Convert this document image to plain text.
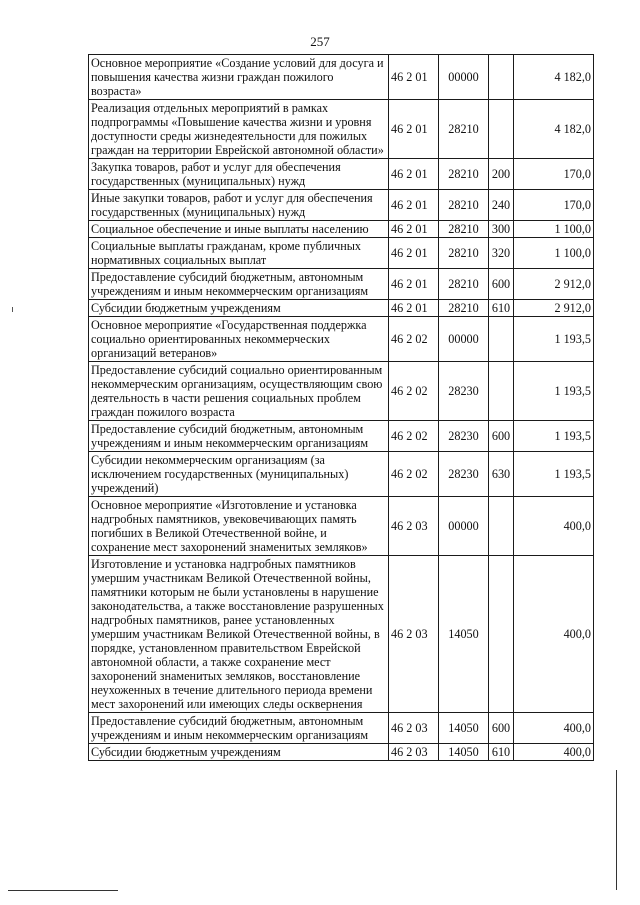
257
Основное мероприятие «Создание условий для досуга и повышения качества жизни граждан пожилого возраста»	46 2 01	00000		4 182,0
Реализация отдельных мероприятий в рамках подпрограммы «Повышение качества жизни и уровня доступности среды жизнедеятельности для пожилых граждан на территории Еврейской автономной области»	46 2 01	28210		4 182,0
Закупка товаров, работ и услуг для обеспечения государственных (муниципальных) нужд	46 2 01	28210	200	170,0
Иные закупки товаров, работ и услуг для обеспечения государственных (муниципальных) нужд	46 2 01	28210	240	170,0
Социальное обеспечение и иные выплаты населению	46 2 01	28210	300	1 100,0
Социальные выплаты гражданам, кроме публичных нормативных социальных выплат	46 2 01	28210	320	1 100,0
Предоставление субсидий бюджетным, автономным учреждениям и иным некоммерческим организациям	46 2 01	28210	600	2 912,0
Субсидии бюджетным учреждениям	46 2 01	28210	610	2 912,0
Основное мероприятие «Государственная поддержка социально ориентированных некоммерческих организаций ветеранов»	46 2 02	00000		1 193,5
Предоставление субсидий социально ориентированным некоммерческим организациям, осуществляющим свою деятельность в части решения социальных проблем граждан пожилого возраста	46 2 02	28230		1 193,5
Предоставление субсидий бюджетным, автономным учреждениям и иным некоммерческим организациям	46 2 02	28230	600	1 193,5
Субсидии некоммерческим организациям (за исключением государственных (муниципальных) учреждений)	46 2 02	28230	630	1 193,5
Основное мероприятие «Изготовление и установка надгробных памятников, увековечивающих память погибших в Великой Отечественной войне, и сохранение мест захоронений знаменитых земляков»	46 2 03	00000		400,0
Изготовление и установка надгробных памятников умершим участникам Великой Отечественной войны, памятники которым не были установлены в нарушение законодательства, а также восстановление разрушенных надгробных памятников, ранее установленных умершим участникам Великой Отечественной войны, в порядке, установленном правительством Еврейской автономной области, а также сохранение мест захоронений знаменитых земляков, восстановление неухоженных в течение длительного периода времени мест захоронений или имеющих следы осквернения	46 2 03	14050		400,0
Предоставление субсидий бюджетным, автономным учреждениям и иным некоммерческим организациям	46 2 03	14050	600	400,0
Субсидии бюджетным учреждениям	46 2 03	14050	610	400,0
